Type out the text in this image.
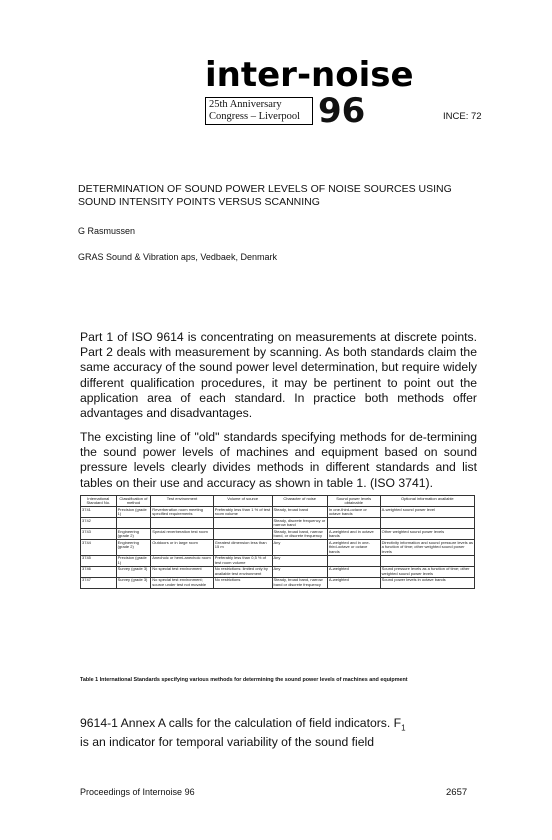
inter-noise
25th Anniversary
Congress – Liverpool 96	INCE: 72
DETERMINATION OF SOUND POWER LEVELS OF NOISE SOURCES USING SOUND INTENSITY POINTS VERSUS SCANNING
G Rasmussen
GRAS Sound & Vibration aps, Vedbaek, Denmark
Part 1 of ISO 9614 is concentrating on measurements at discrete points. Part 2 deals with measurement by scanning. As both standards claim the same accuracy of the sound power level determination, but require widely different qualification procedures, it may be pertinent to point out the application area of each standard. In practice both methods offer advantages and disadvantages.
The excisting line of "old" standards specifying methods for de-termining the sound power levels of machines and equipment based on sound pressure levels clearly divides methods in different standards and list tables on their use and accuracy as shown in table 1. (ISO 3741).
International Standard No.	Classification of method	Test environment	Volume of source	Character of noise	Sound power levels obtainable	Optional information available
3741	Precision (grade 1)	Reverberation room meeting specified requirements	Preferably less than 1 % of test room volume	Steady, broad band	In one-third-octave or octave bands	A-weighted sound power level
3742				Steady, discrete frequency or narrow band		
3743	Engineering (grade 2)	Special reverberation test room		Steady, broad band, narrow band, or discrete frequency	A-weighted and in octave bands	Other weighted sound power levels
3744	Engineering (grade 2)	Outdoors or in large room	Greatest dimension less than 15 m	Any	A-weighted and in one-third-octave or octave bands	Directivity information and sound pressure levels as a function of time; other weighted sound power levels
3745	Precision (grade 1)	Anechoic or hemi-anechoic room	Preferably less than 0,5 % of test room volume	Any		
3746	Survey (grade 3)	No special test environment	No restrictions: limited only by available test environment	Any	A-weighted	Sound pressure levels as a function of time; other weighted sound power levels
3747	Survey (grade 3)	No special test environment; source under test not movable	No restrictions	Steady, broad band, narrow band or discrete frequency	A-weighted	Sound power levels in octave bands
Table 1 International Standards specifying various methods for determining the sound power levels of machines and equipment
9614-1 Annex A calls for the calculation of field indicators. $F_1$
is an indicator for temporal variability of the sound field
Proceedings of Internoise 96	2657
